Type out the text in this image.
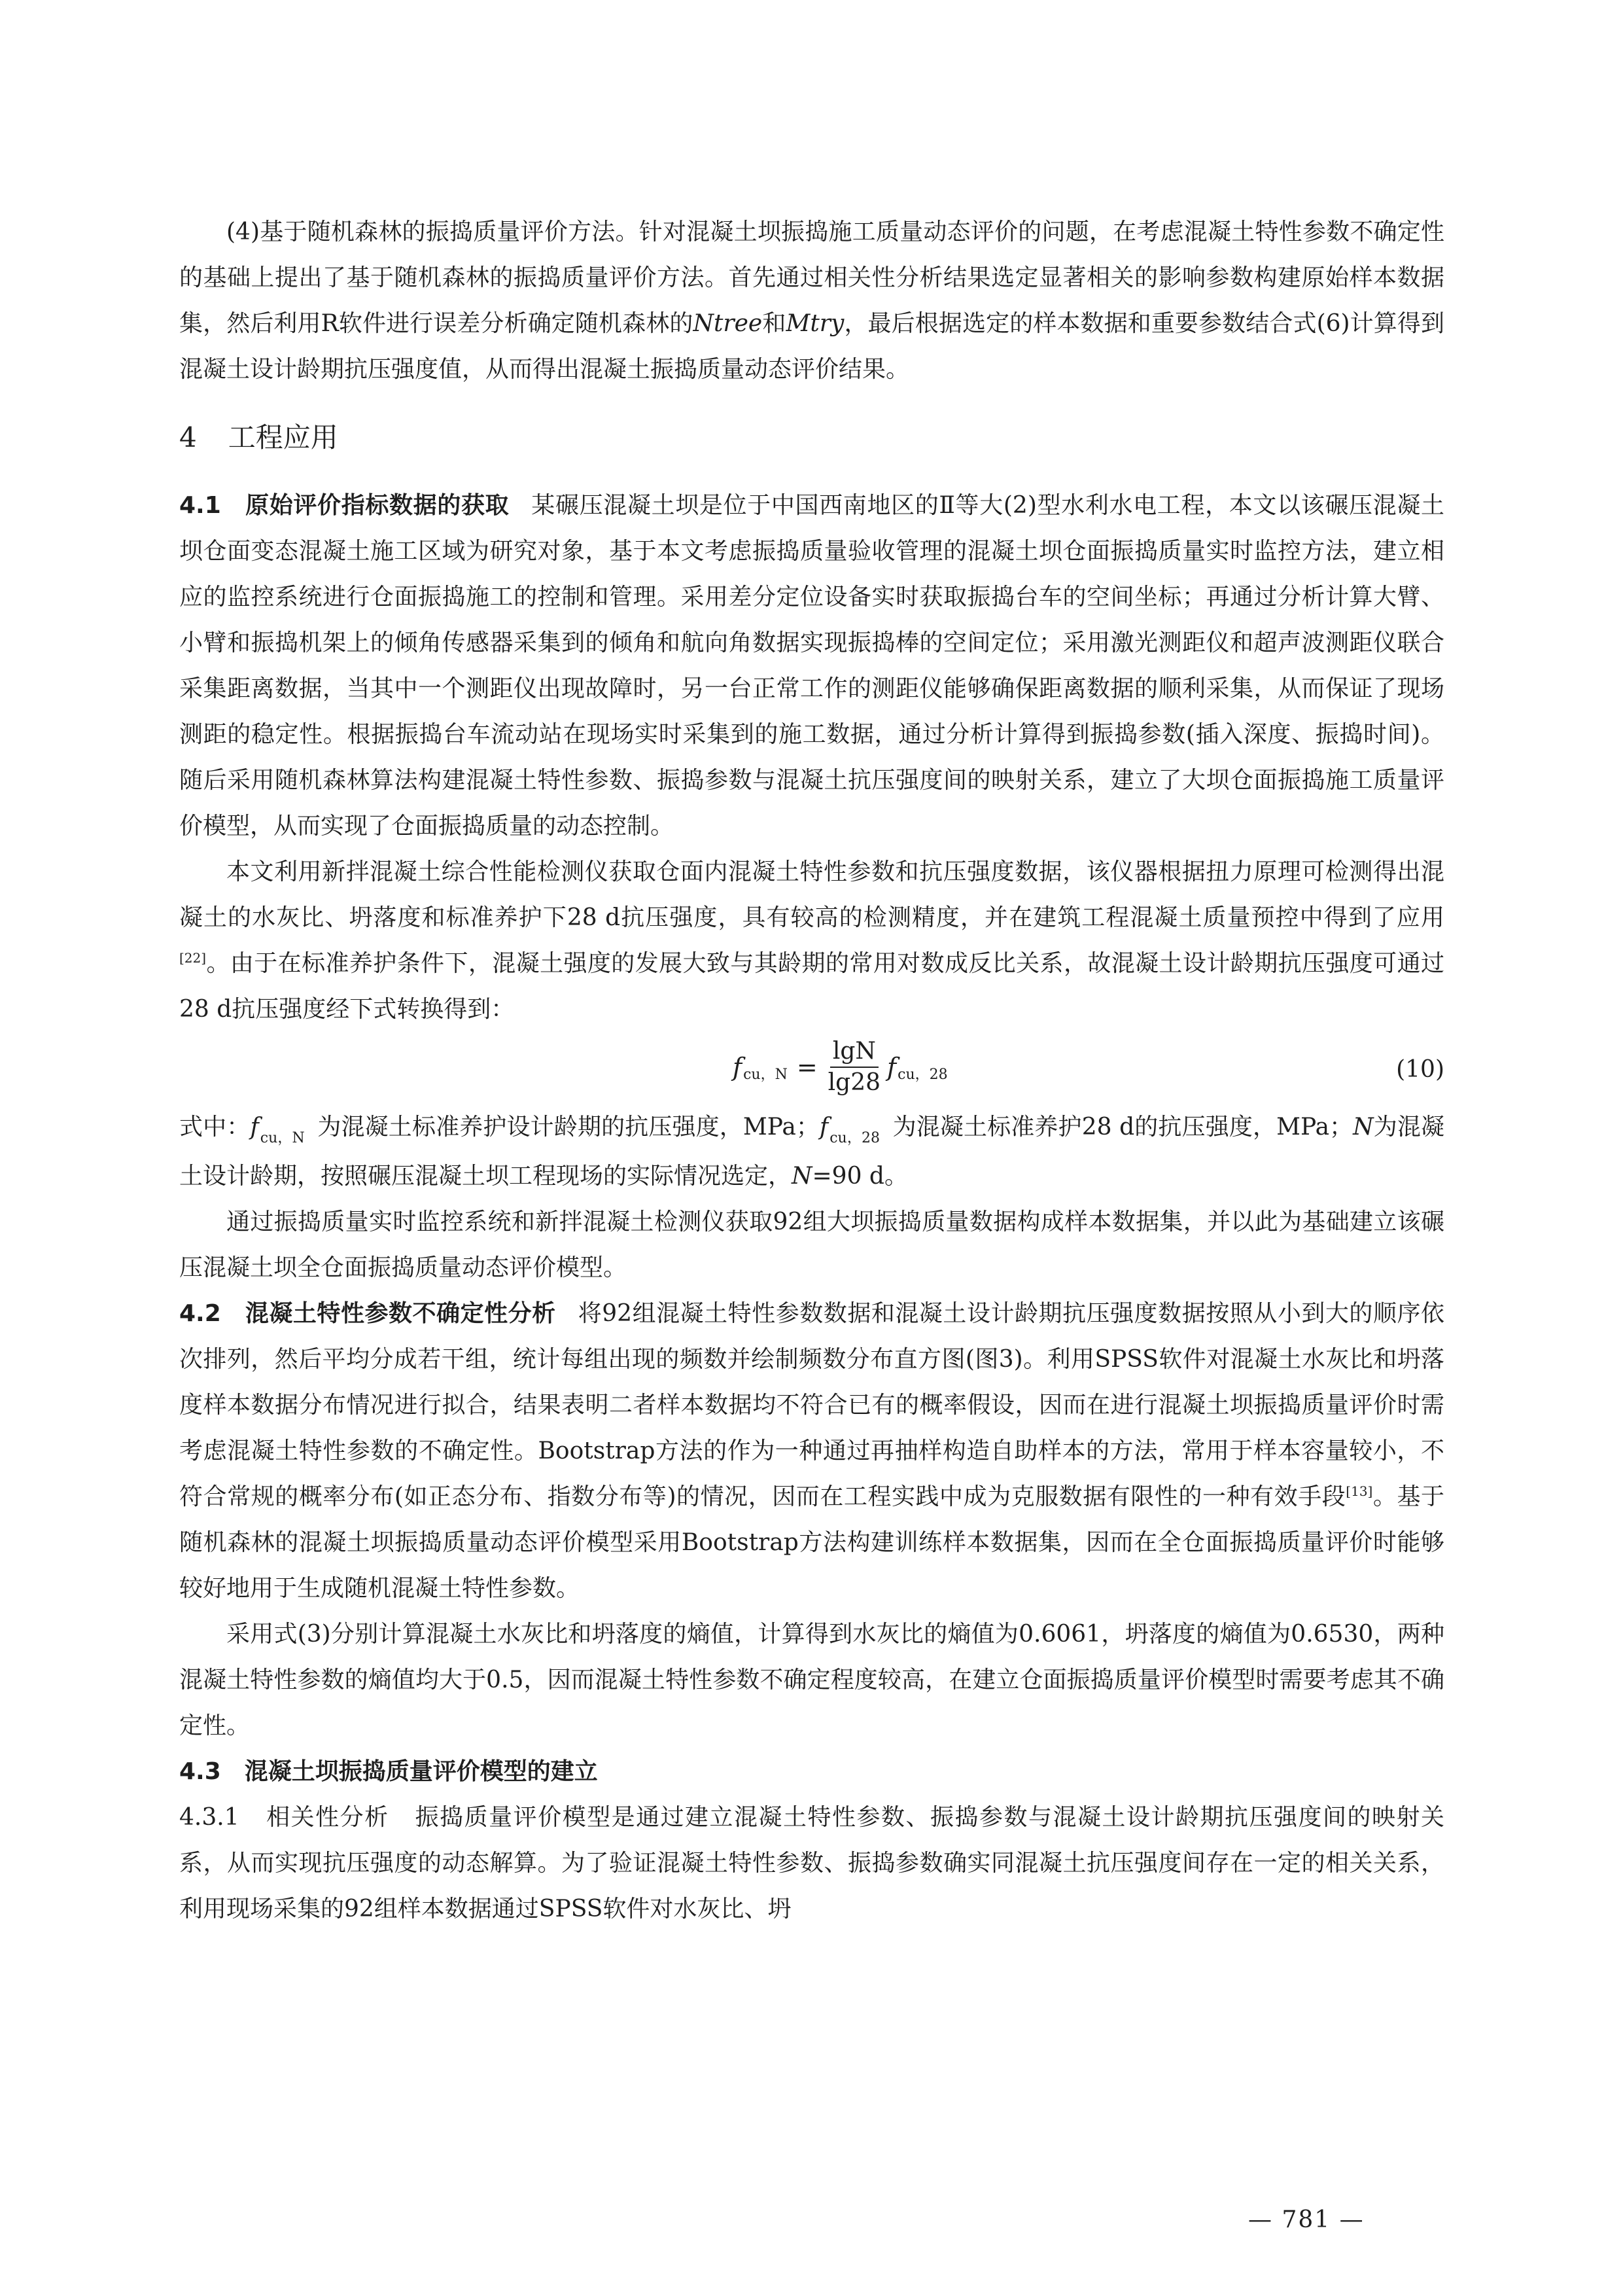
(4)基于随机森林的振捣质量评价方法。针对混凝土坝振捣施工质量动态评价的问题，在考虑混凝土特性参数不确定性的基础上提出了基于随机森林的振捣质量评价方法。首先通过相关性分析结果选定显著相关的影响参数构建原始样本数据集，然后利用R软件进行误差分析确定随机森林的Ntree和Mtry，最后根据选定的样本数据和重要参数结合式(6)计算得到混凝土设计龄期抗压强度值，从而得出混凝土振捣质量动态评价结果。

4 工程应用

4.1　原始评价指标数据的获取 某碾压混凝土坝是位于中国西南地区的Ⅱ等大(2)型水利水电工程，本文以该碾压混凝土坝仓面变态混凝土施工区域为研究对象，基于本文考虑振捣质量验收管理的混凝土坝仓面振捣质量实时监控方法，建立相应的监控系统进行仓面振捣施工的控制和管理。采用差分定位设备实时获取振捣台车的空间坐标；再通过分析计算大臂、小臂和振捣机架上的倾角传感器采集到的倾角和航向角数据实现振捣棒的空间定位；采用激光测距仪和超声波测距仪联合采集距离数据，当其中一个测距仪出现故障时，另一台正常工作的测距仪能够确保距离数据的顺利采集，从而保证了现场测距的稳定性。根据振捣台车流动站在现场实时采集到的施工数据，通过分析计算得到振捣参数(插入深度、振捣时间)。随后采用随机森林算法构建混凝土特性参数、振捣参数与混凝土抗压强度间的映射关系，建立了大坝仓面振捣施工质量评价模型，从而实现了仓面振捣质量的动态控制。

本文利用新拌混凝土综合性能检测仪获取仓面内混凝土特性参数和抗压强度数据，该仪器根据扭力原理可检测得出混凝土的水灰比、坍落度和标准养护下28 d抗压强度，具有较高的检测精度，并在建筑工程混凝土质量预控中得到了应用[22]。由于在标准养护条件下，混凝土强度的发展大致与其龄期的常用对数成反比关系，故混凝土设计龄期抗压强度可通过28 d抗压强度经下式转换得到：

f cu，$N = \frac{\lg N}{\lg 28}$ f cu，28	(10)

式中：$f_{cu,N}$ 为混凝土标准养护设计龄期的抗压强度，MPa；$f_{cu,28}$ 为混凝土标准养护28 d的抗压强度，MPa；N为混凝土设计龄期，按照碾压混凝土坝工程现场的实际情况选定，N=90 d。

通过振捣质量实时监控系统和新拌混凝土检测仪获取92组大坝振捣质量数据构成样本数据集，并以此为基础建立该碾压混凝土坝全仓面振捣质量动态评价模型。

4.2　混凝土特性参数不确定性分析 将92组混凝土特性参数数据和混凝土设计龄期抗压强度数据按照从小到大的顺序依次排列，然后平均分成若干组，统计每组出现的频数并绘制频数分布直方图(图3)。利用SPSS软件对混凝土水灰比和坍落度样本数据分布情况进行拟合，结果表明二者样本数据均不符合已有的概率假设，因而在进行混凝土坝振捣质量评价时需考虑混凝土特性参数的不确定性。Bootstrap方法的作为一种通过再抽样构造自助样本的方法，常用于样本容量较小，不符合常规的概率分布(如正态分布、指数分布等)的情况，因而在工程实践中成为克服数据有限性的一种有效手段[13]。基于随机森林的混凝土坝振捣质量动态评价模型采用Bootstrap方法构建训练样本数据集，因而在全仓面振捣质量评价时能够较好地用于生成随机混凝土特性参数。

采用式(3)分别计算混凝土水灰比和坍落度的熵值，计算得到水灰比的熵值为0.6061，坍落度的熵值为0.6530，两种混凝土特性参数的熵值均大于0.5，因而混凝土特性参数不确定程度较高，在建立仓面振捣质量评价模型时需要考虑其不确定性。

4.3　混凝土坝振捣质量评价模型的建立

4.3.1 相关性分析 振捣质量评价模型是通过建立混凝土特性参数、振捣参数与混凝土设计龄期抗压强度间的映射关系，从而实现抗压强度的动态解算。为了验证混凝土特性参数、振捣参数确实同混凝土抗压强度间存在一定的相关关系，利用现场采集的92组样本数据通过SPSS软件对水灰比、坍

— 781 —
